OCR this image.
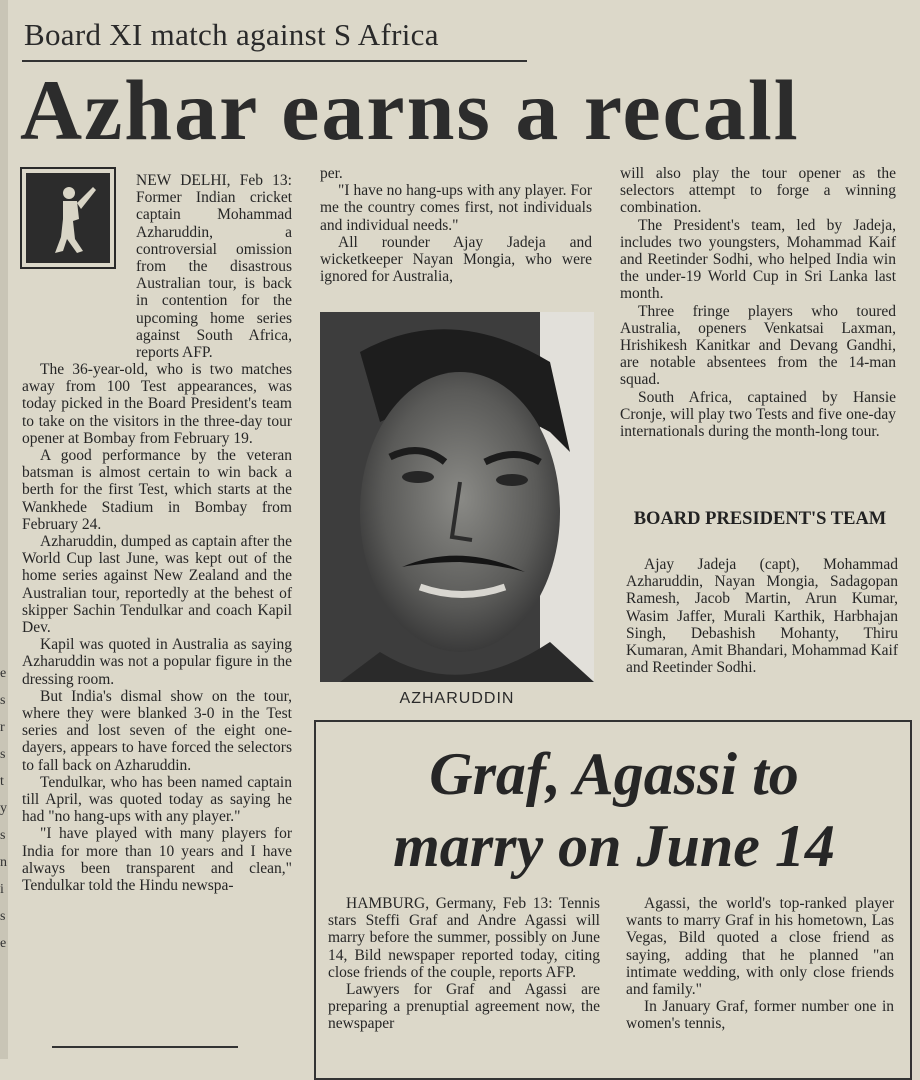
Board XI match against S Africa
Azhar earns a recall

NEW DELHI, Feb 13: Former Indian cricket captain Mohammad Azharuddin, a controversial omission from the disastrous Australian tour, is back in contention for the upcoming home series against South Africa, reports AFP.

The 36-year-old, who is two matches away from 100 Test appearances, was today picked in the Board President's team to take on the visitors in the three-day tour opener at Bombay from February 19.

A good performance by the veteran batsman is almost certain to win back a berth for the first Test, which starts at the Wankhede Stadium in Bombay from February 24.

Azharuddin, dumped as captain after the World Cup last June, was kept out of the home series against New Zealand and the Australian tour, reportedly at the behest of skipper Sachin Tendulkar and coach Kapil Dev.

Kapil was quoted in Australia as saying Azharuddin was not a popular figure in the dressing room.

But India's dismal show on the tour, where they were blanked 3-0 in the Test series and lost seven of the eight one-dayers, appears to have forced the selectors to fall back on Azharuddin.

Tendulkar, who has been named captain till April, was quoted today as saying he had "no hang-ups with any player."

"I have played with many players for India for more than 10 years and I have always been transparent and clean," Tendulkar told the Hindu newspa-

per.

"I have no hang-ups with any player. For me the country comes first, not individuals and individual needs."

All rounder Ajay Jadeja and wicketkeeper Nayan Mongia, who were ignored for Australia,

AZHARUDDIN

will also play the tour opener as the selectors attempt to forge a winning combination.

The President's team, led by Jadeja, includes two youngsters, Mohammad Kaif and Reetinder Sodhi, who helped India win the under-19 World Cup in Sri Lanka last month.

Three fringe players who toured Australia, openers Venkatsai Laxman, Hrishikesh Kanitkar and Devang Gandhi, are notable absentees from the 14-man squad.

South Africa, captained by Hansie Cronje, will play two Tests and five one-day internationals during the month-long tour.

BOARD PRESIDENT'S TEAM

Ajay Jadeja (capt), Mohammad Azharuddin, Nayan Mongia, Sadagopan Ramesh, Jacob Martin, Arun Kumar, Wasim Jaffer, Murali Karthik, Harbhajan Singh, Debashish Mohanty, Thiru Kumaran, Amit Bhandari, Mohammad Kaif and Reetinder Sodhi.

Graf, Agassi to
marry on June 14

HAMBURG, Germany, Feb 13: Tennis stars Steffi Graf and Andre Agassi will marry before the summer, possibly on June 14, Bild newspaper reported today, citing close friends of the couple, reports AFP.

Lawyers for Graf and Agassi are preparing a prenuptial agreement now, the newspaper

Agassi, the world's top-ranked player wants to marry Graf in his hometown, Las Vegas, Bild quoted a close friend as saying, adding that he planned "an intimate wedding, with only close friends and family."

In January Graf, former number one in women's tennis,

e
s
r
s
t
y
s
n
i
s
e
